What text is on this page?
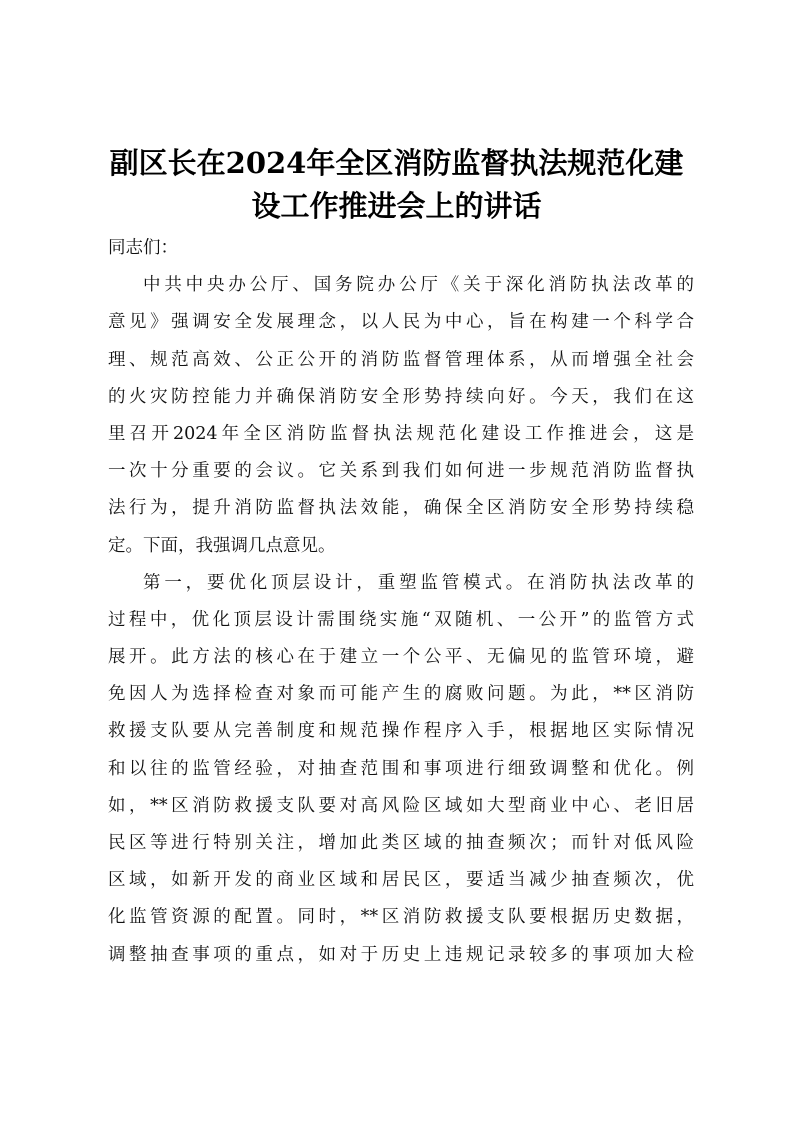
副区长在2024年全区消防监督执法规范化建
设工作推进会上的讲话
同志们：
中共中央办公厅、国务院办公厅《关于深化消防执法改革的
意见》强调安全发展理念，以人民为中心，旨在构建一个科学合
理、规范高效、公正公开的消防监督管理体系，从而增强全社会
的火灾防控能力并确保消防安全形势持续向好。今天，我们在这
里召开2024年全区消防监督执法规范化建设工作推进会，这是
一次十分重要的会议。它关系到我们如何进一步规范消防监督执
法行为，提升消防监督执法效能，确保全区消防安全形势持续稳
定。下面，我强调几点意见。
第一，要优化顶层设计，重塑监管模式。在消防执法改革的
过程中，优化顶层设计需围绕实施“双随机、一公开”的监管方式
展开。此方法的核心在于建立一个公平、无偏见的监管环境，避
免因人为选择检查对象而可能产生的腐败问题。为此，**区消防
救援支队要从完善制度和规范操作程序入手，根据地区实际情况
和以往的监管经验，对抽查范围和事项进行细致调整和优化。例
如，**区消防救援支队要对高风险区域如大型商业中心、老旧居
民区等进行特别关注，增加此类区域的抽查频次；而针对低风险
区域，如新开发的商业区域和居民区，要适当减少抽查频次，优
化监管资源的配置。同时，**区消防救援支队要根据历史数据，
调整抽查事项的重点，如对于历史上违规记录较多的事项加大检
